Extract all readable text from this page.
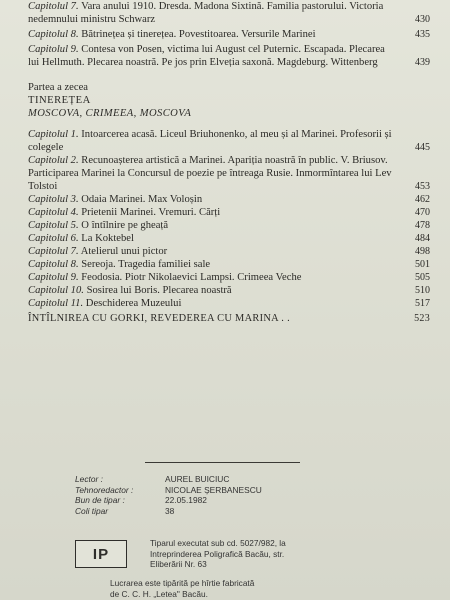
Capitolul 7. Vara anului 1910. Dresda. Madona Sixtină. Familia pastorului. Victoria nedemnului ministru Schwarz	430
Capitolul 8. Bătrinețea și tinerețea. Povestitoarea. Versurile Marinei	435
Capitolul 9. Contesa von Posen, victima lui August cel Puternic. Escapada. Plecarea lui Hellmuth. Plecarea noastră. Pe jos prin Elveția saxonă. Magdeburg. Wittenberg	439
Partea a zecea
TINEREȚEA
MOSCOVA, CRIMEEA, MOSCOVA
Capitolul 1. Intoarcerea acasă. Liceul Briuhonenko, al meu și al Marinei. Profesorii și colegele	445
Capitolul 2. Recunoașterea artistică a Marinei. Apariția noastră în public. V. Briusov. Participarea Marinei la Concursul de poezie pe întreaga Rusie. Inmormîntarea lui Lev Tolstoi	453
Capitolul 3. Odaia Marinei. Max Voloșin	462
Capitolul 4. Prietenii Marinei. Vremuri. Cărți	470
Capitolul 5. O întîlnire pe gheață	478
Capitolul 6. La Koktebel	484
Capitolul 7. Atelierul unui pictor	498
Capitolul 8. Sereoja. Tragedia familiei sale	501
Capitolul 9. Feodosia. Piotr Nikolaevici Lampsi. Crimeea Veche	505
Capitolul 10. Sosirea lui Boris. Plecarea noastră	510
Capitolul 11. Deschiderea Muzeului	517
ÎNTÎLNIREA CU GORKI, REVEDEREA CU MARINA . .	523
Lector :	AUREL BUICIUC
Tehnoredactor :	NICOLAE ȘERBANESCU
Bun de tipar :	22.05.1982
Coli tipar	38
IP
Tiparul executat sub cd. 5027/982, la
Intreprinderea Poligrafică Bacău, str.
Eliberării Nr. 63
Lucrarea este tipărită pe hîrtie fabricată
de C. C. H. „Letea" Bacău.
